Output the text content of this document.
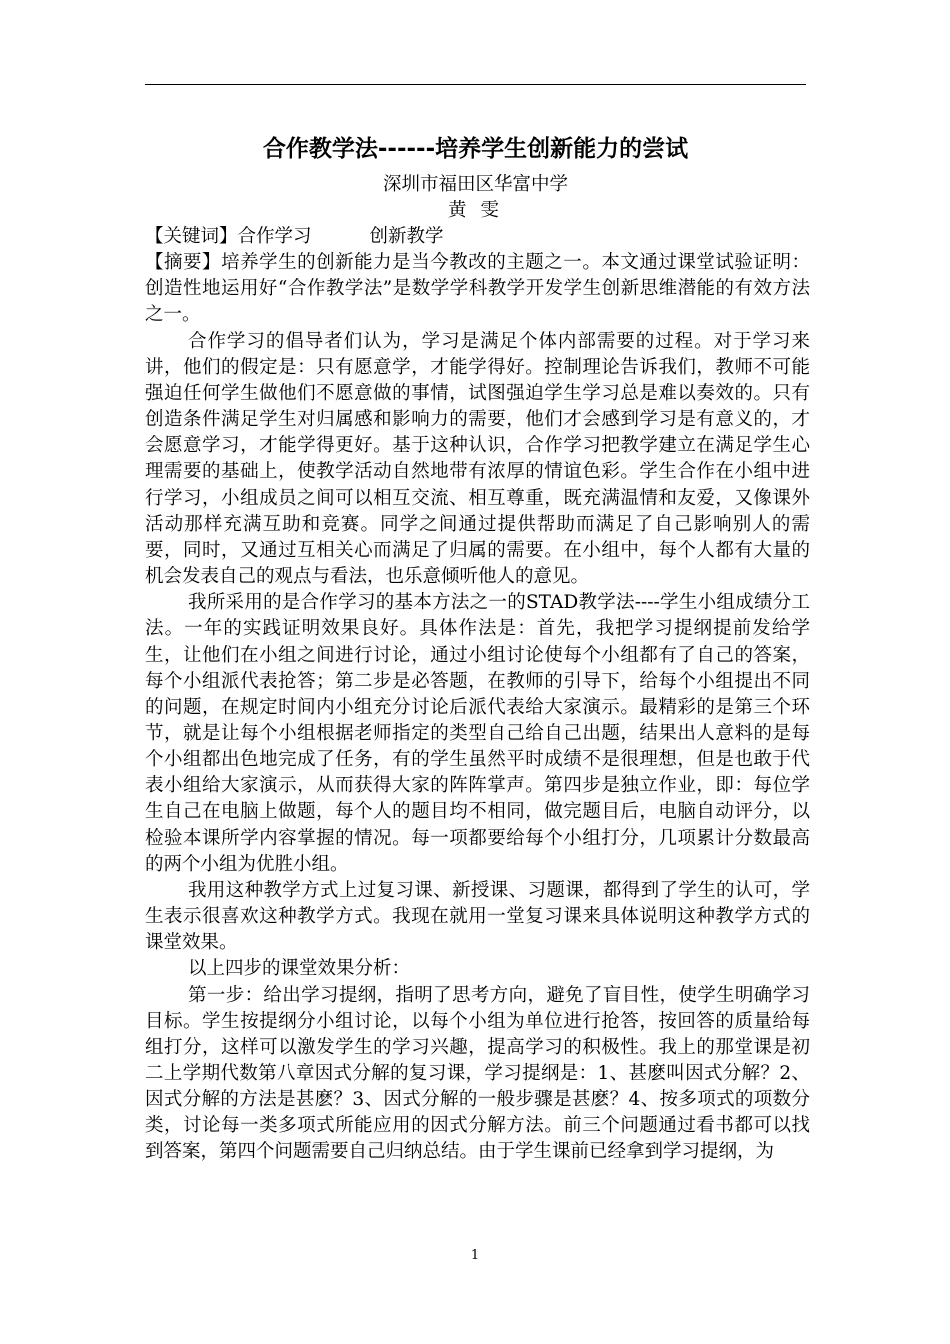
合作教学法------培养学生创新能力的尝试
深圳市福田区华富中学
黄 雯

【关键词】合作学习	创新教学

【摘要】培养学生的创新能力是当今教改的主题之一。本文通过课堂试验证明：创造性地运用好“合作教学法”是数学学科教学开发学生创新思维潜能的有效方法之一。

合作学习的倡导者们认为，学习是满足个体内部需要的过程。对于学习来讲，他们的假定是：只有愿意学，才能学得好。控制理论告诉我们，教师不可能强迫任何学生做他们不愿意做的事情，试图强迫学生学习总是难以奏效的。只有创造条件满足学生对归属感和影响力的需要，他们才会感到学习是有意义的，才会愿意学习，才能学得更好。基于这种认识，合作学习把教学建立在满足学生心理需要的基础上，使教学活动自然地带有浓厚的情谊色彩。学生合作在小组中进行学习，小组成员之间可以相互交流、相互尊重，既充满温情和友爱，又像课外活动那样充满互助和竞赛。同学之间通过提供帮助而满足了自己影响别人的需要，同时，又通过互相关心而满足了归属的需要。在小组中，每个人都有大量的机会发表自己的观点与看法，也乐意倾听他人的意见。

我所采用的是合作学习的基本方法之一的STAD教学法----学生小组成绩分工法。一年的实践证明效果良好。具体作法是：首先，我把学习提纲提前发给学生，让他们在小组之间进行讨论，通过小组讨论使每个小组都有了自己的答案，每个小组派代表抢答；第二步是必答题，在教师的引导下，给每个小组提出不同的问题，在规定时间内小组充分讨论后派代表给大家演示。最精彩的是第三个环节，就是让每个小组根据老师指定的类型自己给自己出题，结果出人意料的是每个小组都出色地完成了任务，有的学生虽然平时成绩不是很理想，但是也敢于代表小组给大家演示，从而获得大家的阵阵掌声。第四步是独立作业，即：每位学生自己在电脑上做题，每个人的题目均不相同，做完题目后，电脑自动评分，以检验本课所学内容掌握的情况。每一项都要给每个小组打分，几项累计分数最高的两个小组为优胜小组。

我用这种教学方式上过复习课、新授课、习题课，都得到了学生的认可，学生表示很喜欢这种教学方式。我现在就用一堂复习课来具体说明这种教学方式的课堂效果。

以上四步的课堂效果分析：

第一步：给出学习提纲，指明了思考方向，避免了盲目性，使学生明确学习目标。学生按提纲分小组讨论，以每个小组为单位进行抢答，按回答的质量给每组打分，这样可以激发学生的学习兴趣，提高学习的积极性。我上的那堂课是初二上学期代数第八章因式分解的复习课，学习提纲是：1、甚麽叫因式分解？2、因式分解的方法是甚麽？3、因式分解的一般步骤是甚麽？4、按多项式的项数分类，讨论每一类多项式所能应用的因式分解方法。前三个问题通过看书都可以找到答案，第四个问题需要自己归纳总结。由于学生课前已经拿到学习提纲，为

1
